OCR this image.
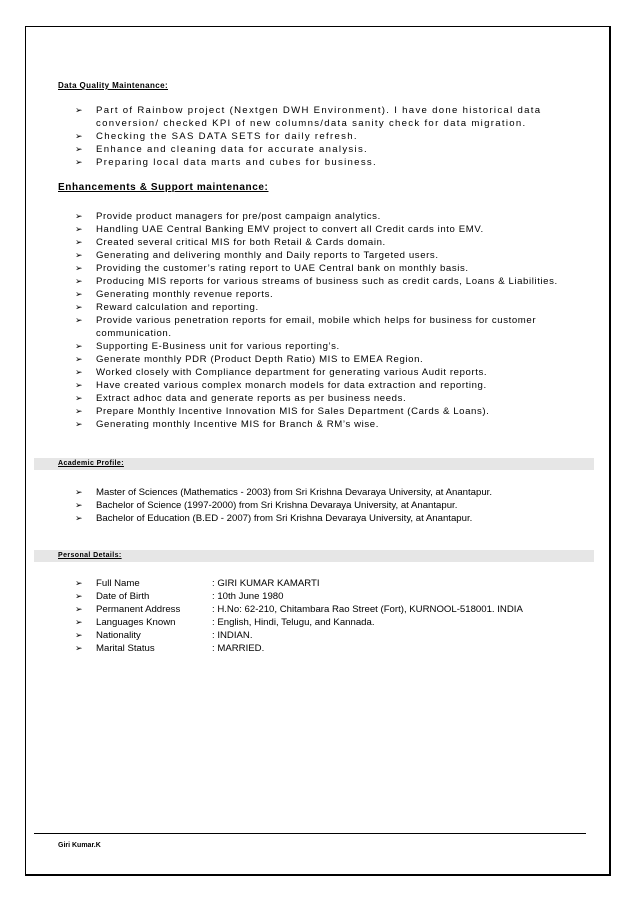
Data Quality Maintenance:
➢ Part of Rainbow project (Nextgen DWH Environment). I have done historical data conversion/ checked KPI of new columns/data sanity check for data migration.
➢ Checking the SAS DATA SETS for daily refresh.
➢ Enhance and cleaning data for accurate analysis.
➢ Preparing local data marts and cubes for business.
Enhancements & Support maintenance:
➢ Provide product managers for pre/post campaign analytics.
➢ Handling UAE Central Banking EMV project to convert all Credit cards into EMV.
➢ Created several critical MIS for both Retail & Cards domain.
➢ Generating and delivering monthly and Daily reports to Targeted users.
➢ Providing the customer’s rating report to UAE Central bank on monthly basis.
➢ Producing MIS reports for various streams of business such as credit cards, Loans & Liabilities.
➢ Generating monthly revenue reports.
➢ Reward calculation and reporting.
➢ Provide various penetration reports for email, mobile which helps for business for customer communication.
➢ Supporting E-Business unit for various reporting’s.
➢ Generate monthly PDR (Product Depth Ratio) MIS to EMEA Region.
➢ Worked closely with Compliance department for generating various Audit reports.
➢ Have created various complex monarch models for data extraction and reporting.
➢ Extract adhoc data and generate reports as per business needs.
➢ Prepare Monthly Incentive Innovation MIS for Sales Department (Cards & Loans).
➢ Generating monthly Incentive MIS for Branch & RM’s wise.
Academic Profile:
➢ Master of Sciences (Mathematics - 2003) from Sri Krishna Devaraya University, at Anantapur.
➢ Bachelor of Science (1997-2000) from Sri Krishna Devaraya University, at Anantapur.
➢ Bachelor of Education (B.ED - 2007) from Sri Krishna Devaraya University, at Anantapur.
Personal Details:
➢ Full Name	: GIRI KUMAR KAMARTI
➢ Date of Birth	: 10th June 1980
➢ Permanent Address	: H.No: 62-210, Chitambara Rao Street (Fort), KURNOOL-518001. INDIA
➢ Languages Known	: English, Hindi, Telugu, and Kannada.
➢ Nationality	: INDIAN.
➢ Marital Status	: MARRIED.
Giri Kumar.K
